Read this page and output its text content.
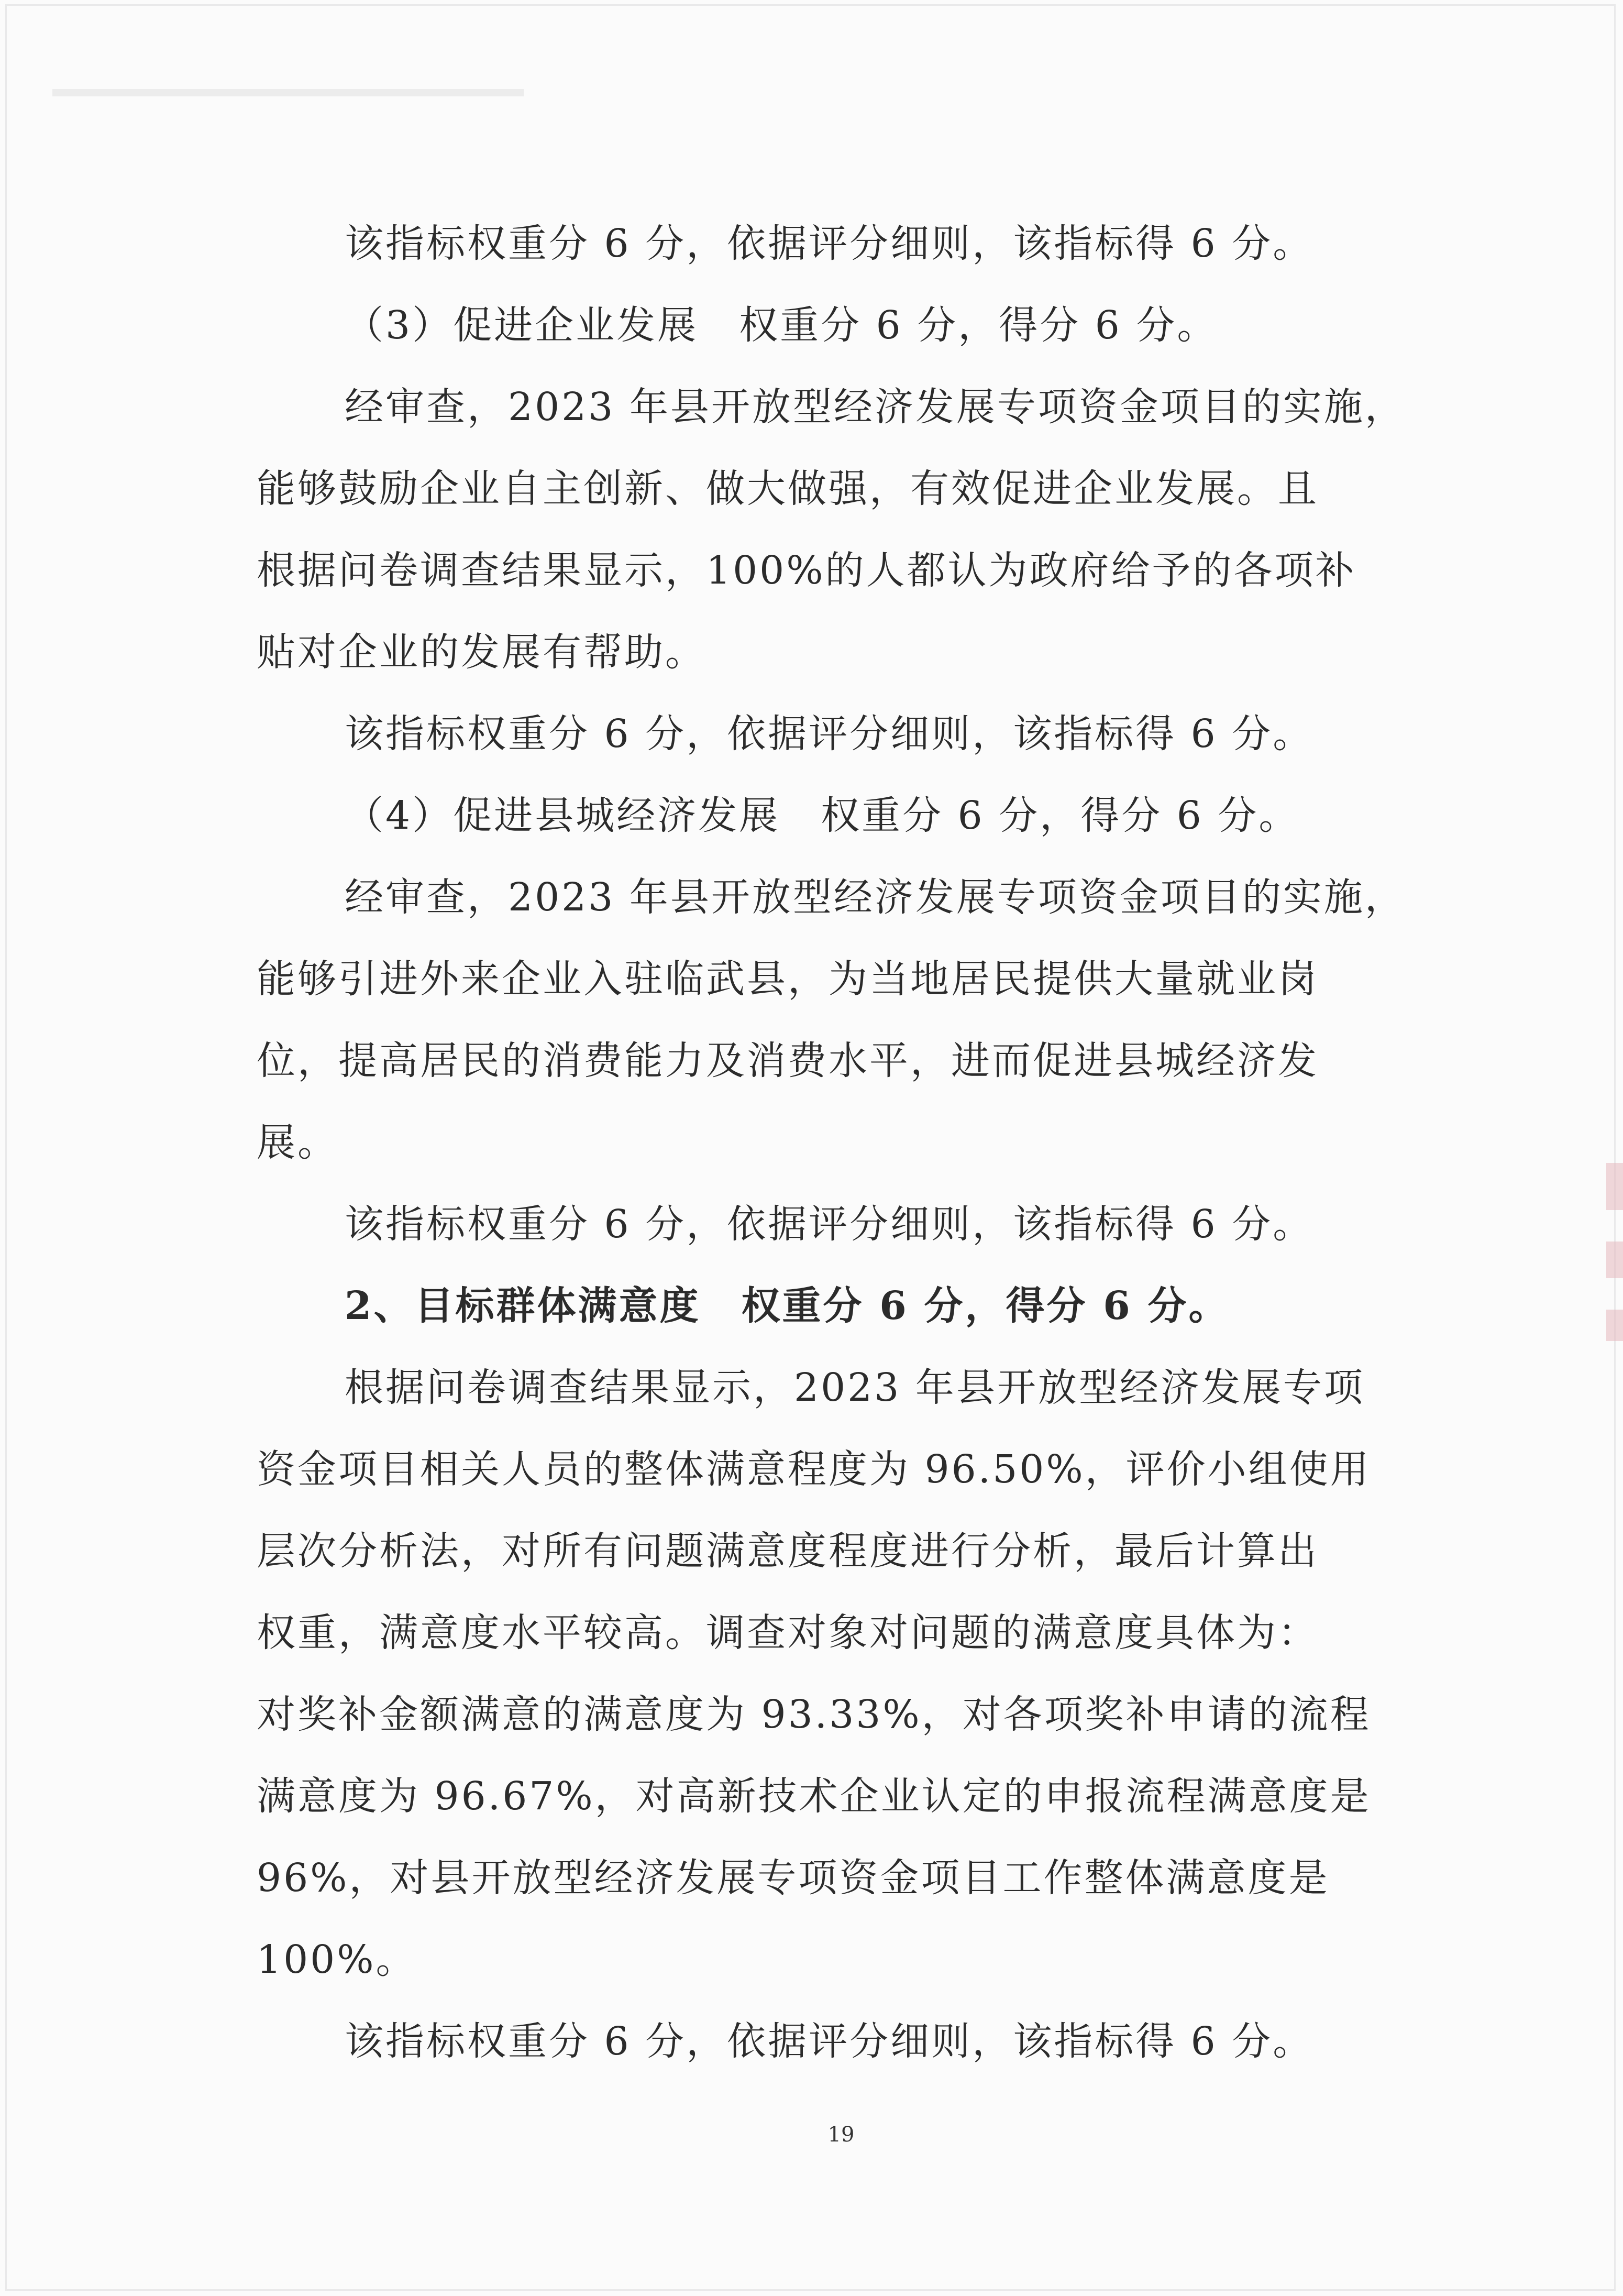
该指标权重分 6 分，依据评分细则，该指标得 6 分。
（3）促进企业发展　权重分 6 分，得分 6 分。
经审查，2023 年县开放型经济发展专项资金项目的实施，
能够鼓励企业自主创新、做大做强，有效促进企业发展。且
根据问卷调查结果显示，100%的人都认为政府给予的各项补
贴对企业的发展有帮助。
该指标权重分 6 分，依据评分细则，该指标得 6 分。
（4）促进县城经济发展　权重分 6 分，得分 6 分。
经审查，2023 年县开放型经济发展专项资金项目的实施，
能够引进外来企业入驻临武县，为当地居民提供大量就业岗
位，提高居民的消费能力及消费水平，进而促进县城经济发
展。
该指标权重分 6 分，依据评分细则，该指标得 6 分。
2、目标群体满意度　权重分 6 分，得分 6 分。
根据问卷调查结果显示，2023 年县开放型经济发展专项
资金项目相关人员的整体满意程度为 96.50%，评价小组使用
层次分析法，对所有问题满意度程度进行分析，最后计算出
权重，满意度水平较高。调查对象对问题的满意度具体为：
对奖补金额满意的满意度为 93.33%，对各项奖补申请的流程
满意度为 96.67%，对高新技术企业认定的申报流程满意度是
96%，对县开放型经济发展专项资金项目工作整体满意度是
100%。
该指标权重分 6 分，依据评分细则，该指标得 6 分。
19
